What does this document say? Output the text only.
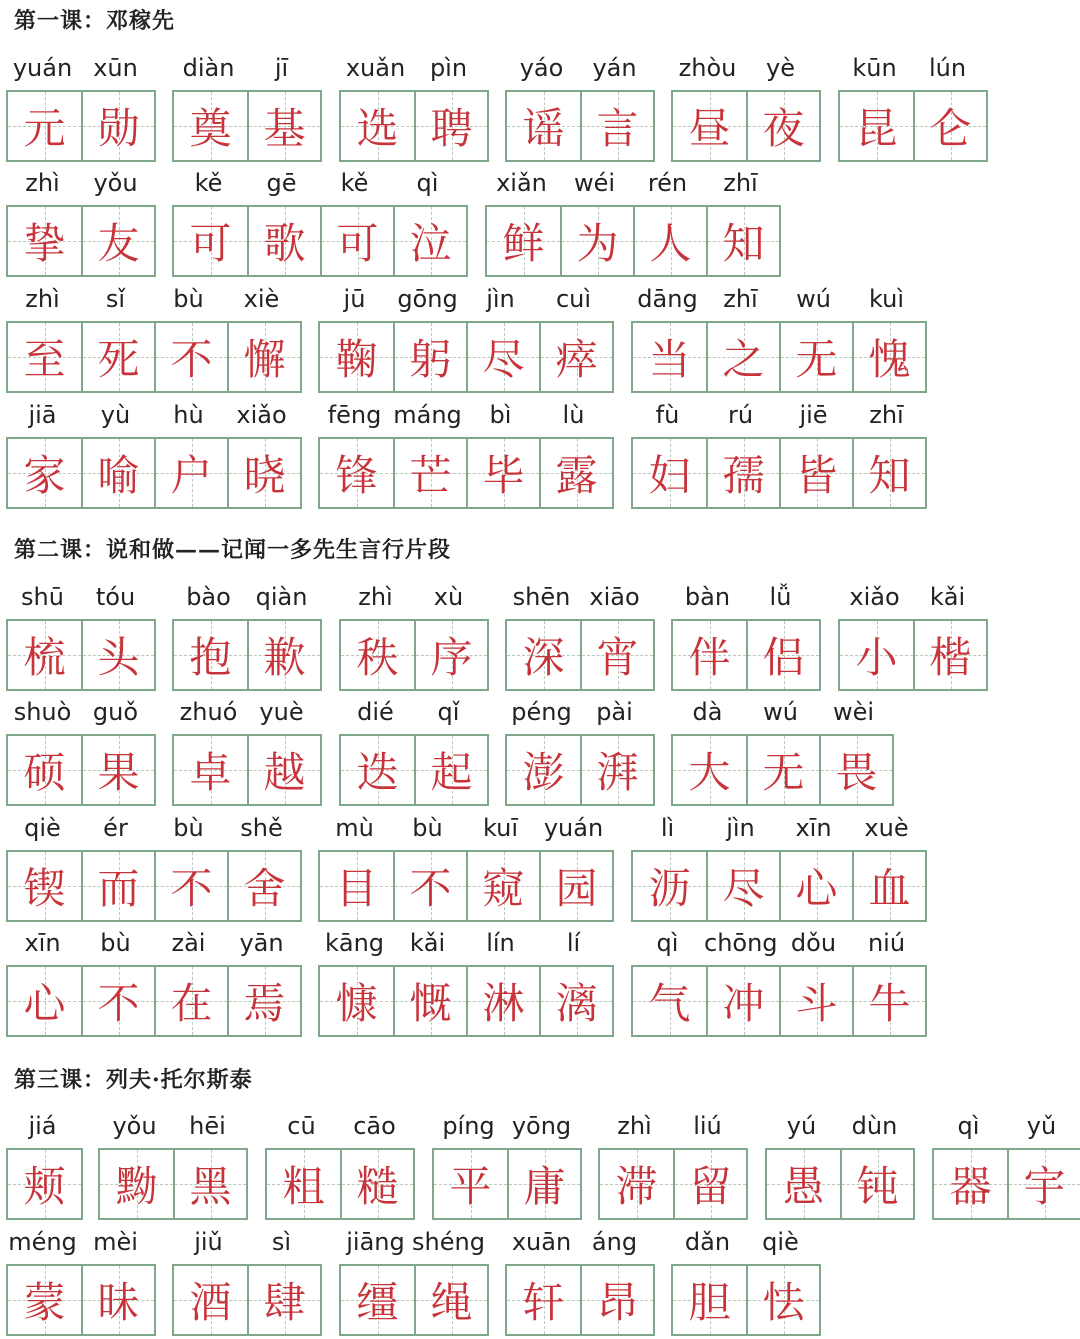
第一课：邓稼先
yuán xūn
元 勋
diàn	jī
奠 基
xuǎn	pìn
选 聘
yáo	yán
谣 言
zhòu	yè
昼 夜
kūn	lún
昆 仑
zhì	yǒu
挚 友
kě	gē	kě	qì
可 歌 可 泣
xiǎn	wéi	rén	zhī
鲜 为 人 知
zhì	sǐ	bù	xiè
至 死 不 懈
jū	gōng	jìn	cuì
鞠 躬 尽 瘁
dāng	zhī	wú	kuì
当 之 无 愧
jiā	yù	hù	xiǎo
家 喻 户 晓
fēng máng	bì	lù
锋 芒 毕 露
fù	rú	jiē	zhī
妇 孺 皆 知
第二课：说和做——记闻一多先生言行片段
shū	tóu
梳 头
bào	qiàn
抱 歉
zhì	xù
秩 序
shēn xiāo
深 宵
bàn	lǚ
伴 侣
xiǎo	kǎi
小 楷
shuò guǒ
硕 果
zhuó yuè
卓 越
dié	qǐ
迭 起
péng	pài
澎 湃
dà	wú	wèi
大 无 畏
qiè	ér	bù	shě
锲 而 不 舍
mù	bù	kuī	yuán
目 不 窥 园
lì	jìn	xīn	xuè
沥 尽 心 血
xīn	bù	zài	yān
心 不 在 焉
kāng	kǎi	lín	lí
慷 慨 淋 漓
qì	chōng dǒu	niú
气 冲 斗 牛
第三课：列夫·托尔斯泰
jiá
颊
yǒu	hēi
黝 黑
cū	cāo
粗 糙
píng yōng
平 庸
zhì	liú
滞 留
yú	dùn
愚 钝
qì	yǔ
器 宇
méng mèi
蒙 昧
jiǔ	sì
酒 肆
jiāng shéng
缰 绳
xuān áng
轩 昂
dǎn	qiè
胆 怯
